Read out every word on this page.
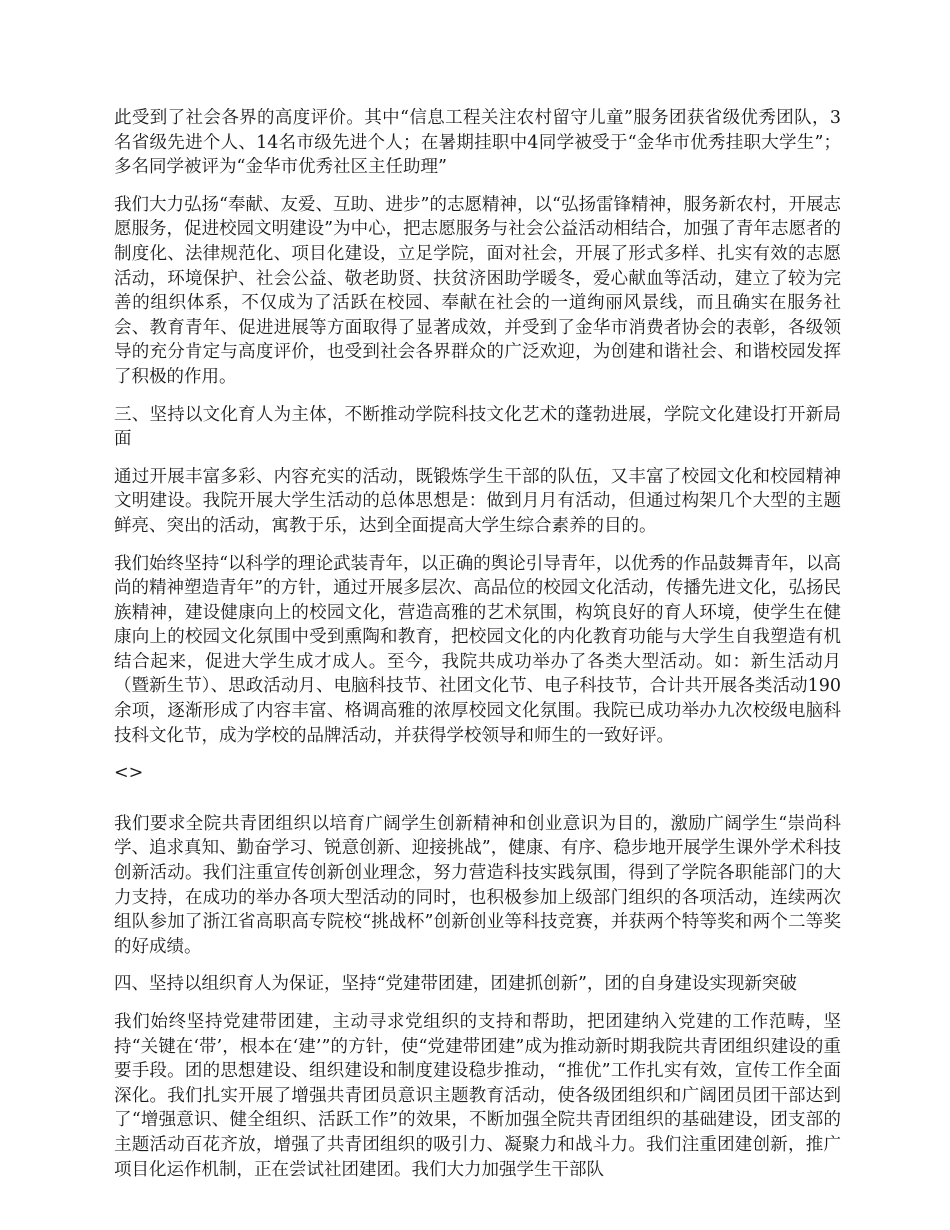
此受到了社会各界的高度评价。其中“信息工程关注农村留守儿童”服务团获省级优秀团队，3名省级先进个人、14名市级先进个人；在暑期挂职中4同学被受于“金华市优秀挂职大学生”；多名同学被评为“金华市优秀社区主任助理”

我们大力弘扬“奉献、友爱、互助、进步”的志愿精神，以“弘扬雷锋精神，服务新农村，开展志愿服务，促进校园文明建设”为中心，把志愿服务与社会公益活动相结合，加强了青年志愿者的制度化、法律规范化、项目化建设，立足学院，面对社会，开展了形式多样、扎实有效的志愿活动，环境保护、社会公益、敬老助贤、扶贫济困助学暖冬，爱心献血等活动，建立了较为完善的组织体系，不仅成为了活跃在校园、奉献在社会的一道绚丽风景线，而且确实在服务社会、教育青年、促进进展等方面取得了显著成效，并受到了金华市消费者协会的表彰，各级领导的充分肯定与高度评价，也受到社会各界群众的广泛欢迎，为创建和谐社会、和谐校园发挥了积极的作用。

三、坚持以文化育人为主体，不断推动学院科技文化艺术的蓬勃进展，学院文化建设打开新局面

通过开展丰富多彩、内容充实的活动，既锻炼学生干部的队伍，又丰富了校园文化和校园精神文明建设。我院开展大学生活动的总体思想是：做到月月有活动，但通过构架几个大型的主题鲜亮、突出的活动，寓教于乐，达到全面提高大学生综合素养的目的。

我们始终坚持“以科学的理论武装青年，以正确的舆论引导青年，以优秀的作品鼓舞青年，以高尚的精神塑造青年”的方针，通过开展多层次、高品位的校园文化活动，传播先进文化，弘扬民族精神，建设健康向上的校园文化，营造高雅的艺术氛围，构筑良好的育人环境，使学生在健康向上的校园文化氛围中受到熏陶和教育，把校园文化的内化教育功能与大学生自我塑造有机结合起来，促进大学生成才成人。至今，我院共成功举办了各类大型活动。如：新生活动月（暨新生节）、思政活动月、电脑科技节、社团文化节、电子科技节，合计共开展各类活动190余项，逐渐形成了内容丰富、格调高雅的浓厚校园文化氛围。我院已成功举办九次校级电脑科技科文化节，成为学校的品牌活动，并获得学校领导和师生的一致好评。

<>

我们要求全院共青团组织以培育广阔学生创新精神和创业意识为目的，激励广阔学生“崇尚科学、追求真知、勤奋学习、锐意创新、迎接挑战”，健康、有序、稳步地开展学生课外学术科技创新活动。我们注重宣传创新创业理念，努力营造科技实践氛围，得到了学院各职能部门的大力支持，在成功的举办各项大型活动的同时，也积极参加上级部门组织的各项活动，连续两次组队参加了浙江省高职高专院校“挑战杯”创新创业等科技竞赛，并获两个特等奖和两个二等奖的好成绩。

四、坚持以组织育人为保证，坚持“党建带团建，团建抓创新”，团的自身建设实现新突破

我们始终坚持党建带团建，主动寻求党组织的支持和帮助，把团建纳入党建的工作范畴，坚持“关键在‘带’，根本在‘建’”的方针，使“党建带团建”成为推动新时期我院共青团组织建设的重要手段。团的思想建设、组织建设和制度建设稳步推动，“推优”工作扎实有效，宣传工作全面深化。我们扎实开展了增强共青团员意识主题教育活动，使各级团组织和广阔团员团干部达到了“增强意识、健全组织、活跃工作”的效果，不断加强全院共青团组织的基础建设，团支部的主题活动百花齐放，增强了共青团组织的吸引力、凝聚力和战斗力。我们注重团建创新，推广项目化运作机制，正在尝试社团建团。我们大力加强学生干部队
